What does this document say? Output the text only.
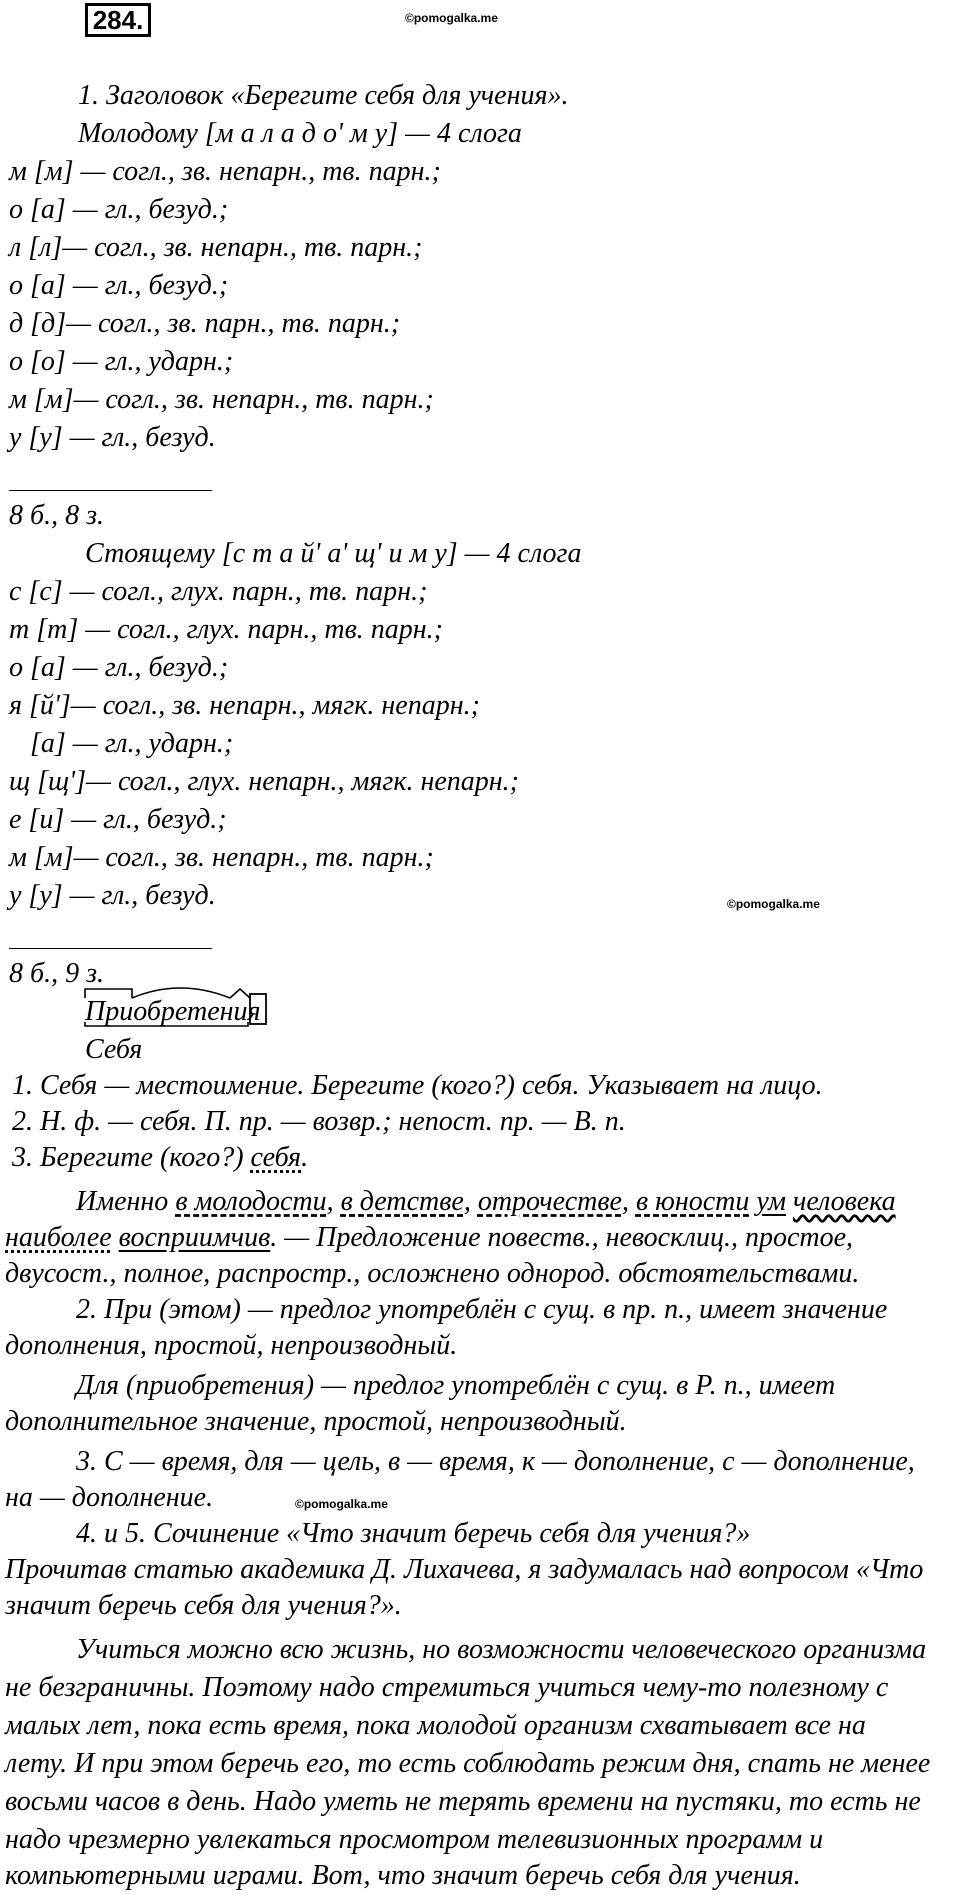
284.	©pomogalka.me
1. Заголовок «Берегите себя для учения».
Молодому [м а л а д о' м у] — 4 слога
м [м] — согл., зв. непарн., тв. парн.;
о [а] — гл., безуд.;
л [л]— согл., зв. непарн., тв. парн.;
о [а] — гл., безуд.;
д [д]— согл., зв. парн., тв. парн.;
о [о] — гл., ударн.;
м [м]— согл., зв. непарн., тв. парн.;
у [у] — гл., безуд.
8 б., 8 з.
Стоящему [с т а й' а' щ' и м у] — 4 слога
с [с] — согл., глух. парн., тв. парн.;
т [т] — согл., глух. парн., тв. парн.;
о [а] — гл., безуд.;
я [й']— согл., зв. непарн., мягк. непарн.;
[а] — гл., ударн.;
щ [щ']— согл., глух. непарн., мягк. непарн.;
е [и] — гл., безуд.;
м [м]— согл., зв. непарн., тв. парн.;
у [у] — гл., безуд.	©pomogalka.me
8 б., 9 з.
Приобретения
Себя
1. Себя — местоимение. Берегите (кого?) себя. Указывает на лицо.
2. Н. ф. — себя. П. пр. — возвр.; непост. пр. — В. п.
3. Берегите (кого?) себя.
Именно в молодости, в детстве, отрочестве, в юности ум человека
наиболее восприимчив. — Предложение повеств., невосклиц., простое,
двусост., полное, распростр., осложнено однород. обстоятельствами.
2. При (этом) — предлог употреблён с сущ. в пр. п., имеет значение
дополнения, простой, непроизводный.
Для (приобретения) — предлог употреблён с сущ. в Р. п., имеет
дополнительное значение, простой, непроизводный.
3. С — время, для — цель, в — время, к — дополнение, с — дополнение,
на — дополнение.	©pomogalka.me
4. и 5. Сочинение «Что значит беречь себя для учения?»
Прочитав статью академика Д. Лихачева, я задумалась над вопросом «Что
значит беречь себя для учения?».
Учиться можно всю жизнь, но возможности человеческого организма
не безграничны. Поэтому надо стремиться учиться чему-то полезному с
малых лет, пока есть время, пока молодой организм схватывает все на
лету. И при этом беречь его, то есть соблюдать режим дня, спать не менее
восьми часов в день. Надо уметь не терять времени на пустяки, то есть не
надо чрезмерно увлекаться просмотром телевизионных программ и
компьютерными играми. Вот, что значит беречь себя для учения.
